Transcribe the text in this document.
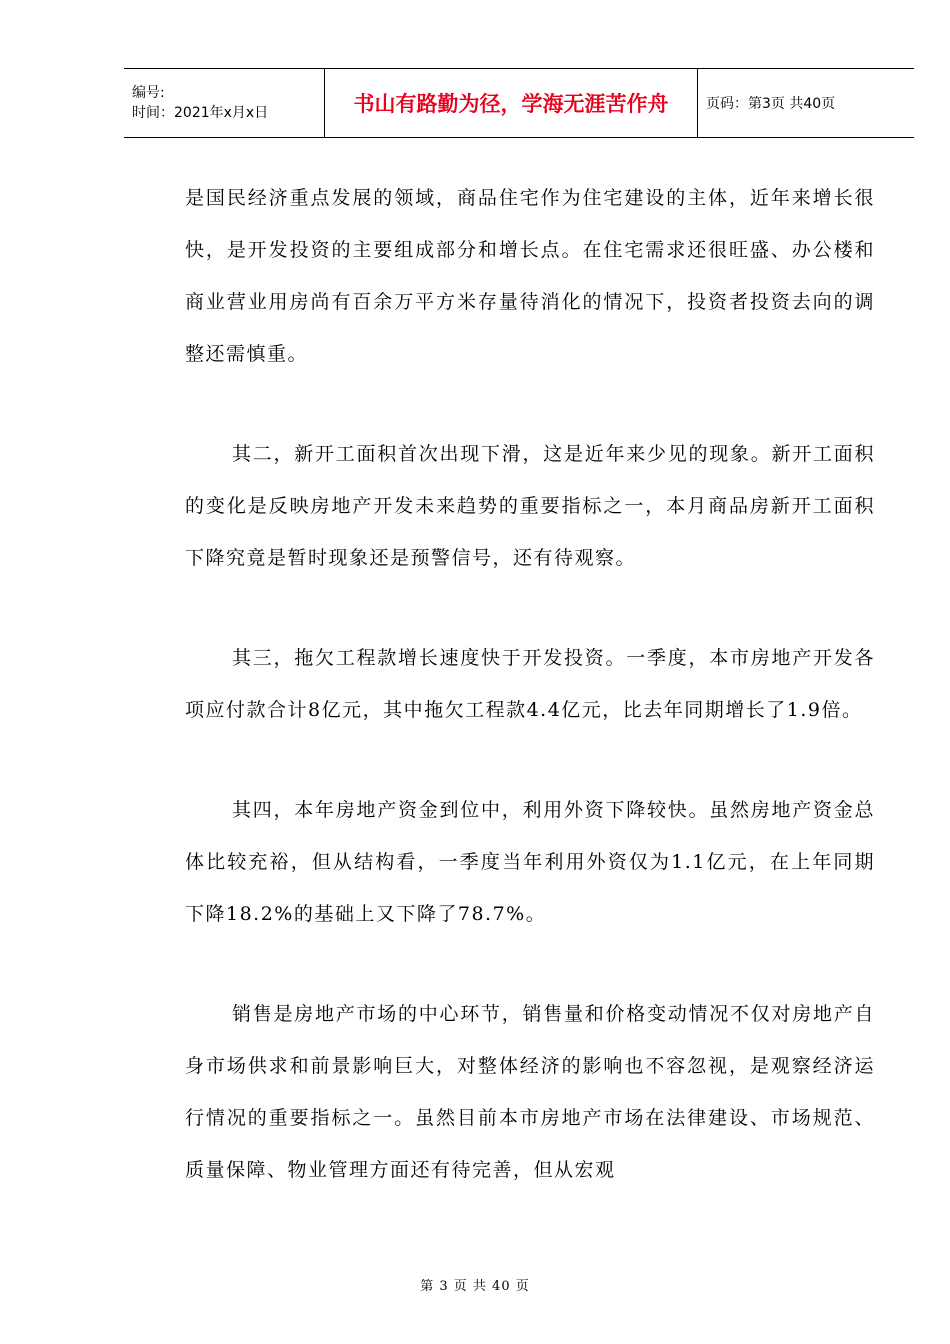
编号:
时间：2021年x月x日	书山有路勤为径，学海无涯苦作舟	页码：第3页 共40页

是国民经济重点发展的领域，商品住宅作为住宅建设的主体，近年来增长很快，是开发投资的主要组成部分和增长点。在住宅需求还很旺盛、办公楼和商业营业用房尚有百余万平方米存量待消化的情况下，投资者投资去向的调整还需慎重。

其二，新开工面积首次出现下滑，这是近年来少见的现象。新开工面积的变化是反映房地产开发未来趋势的重要指标之一，本月商品房新开工面积下降究竟是暂时现象还是预警信号，还有待观察。

其三，拖欠工程款增长速度快于开发投资。一季度，本市房地产开发各项应付款合计8亿元，其中拖欠工程款4.4亿元，比去年同期增长了1.9倍。

其四，本年房地产资金到位中，利用外资下降较快。虽然房地产资金总体比较充裕，但从结构看，一季度当年利用外资仅为1.1亿元，在上年同期下降18.2%的基础上又下降了78.7%。

销售是房地产市场的中心环节，销售量和价格变动情况不仅对房地产自身市场供求和前景影响巨大，对整体经济的影响也不容忽视，是观察经济运行情况的重要指标之一。虽然目前本市房地产市场在法律建设、市场规范、质量保障、物业管理方面还有待完善，但从宏观

第 3 页 共 40 页
